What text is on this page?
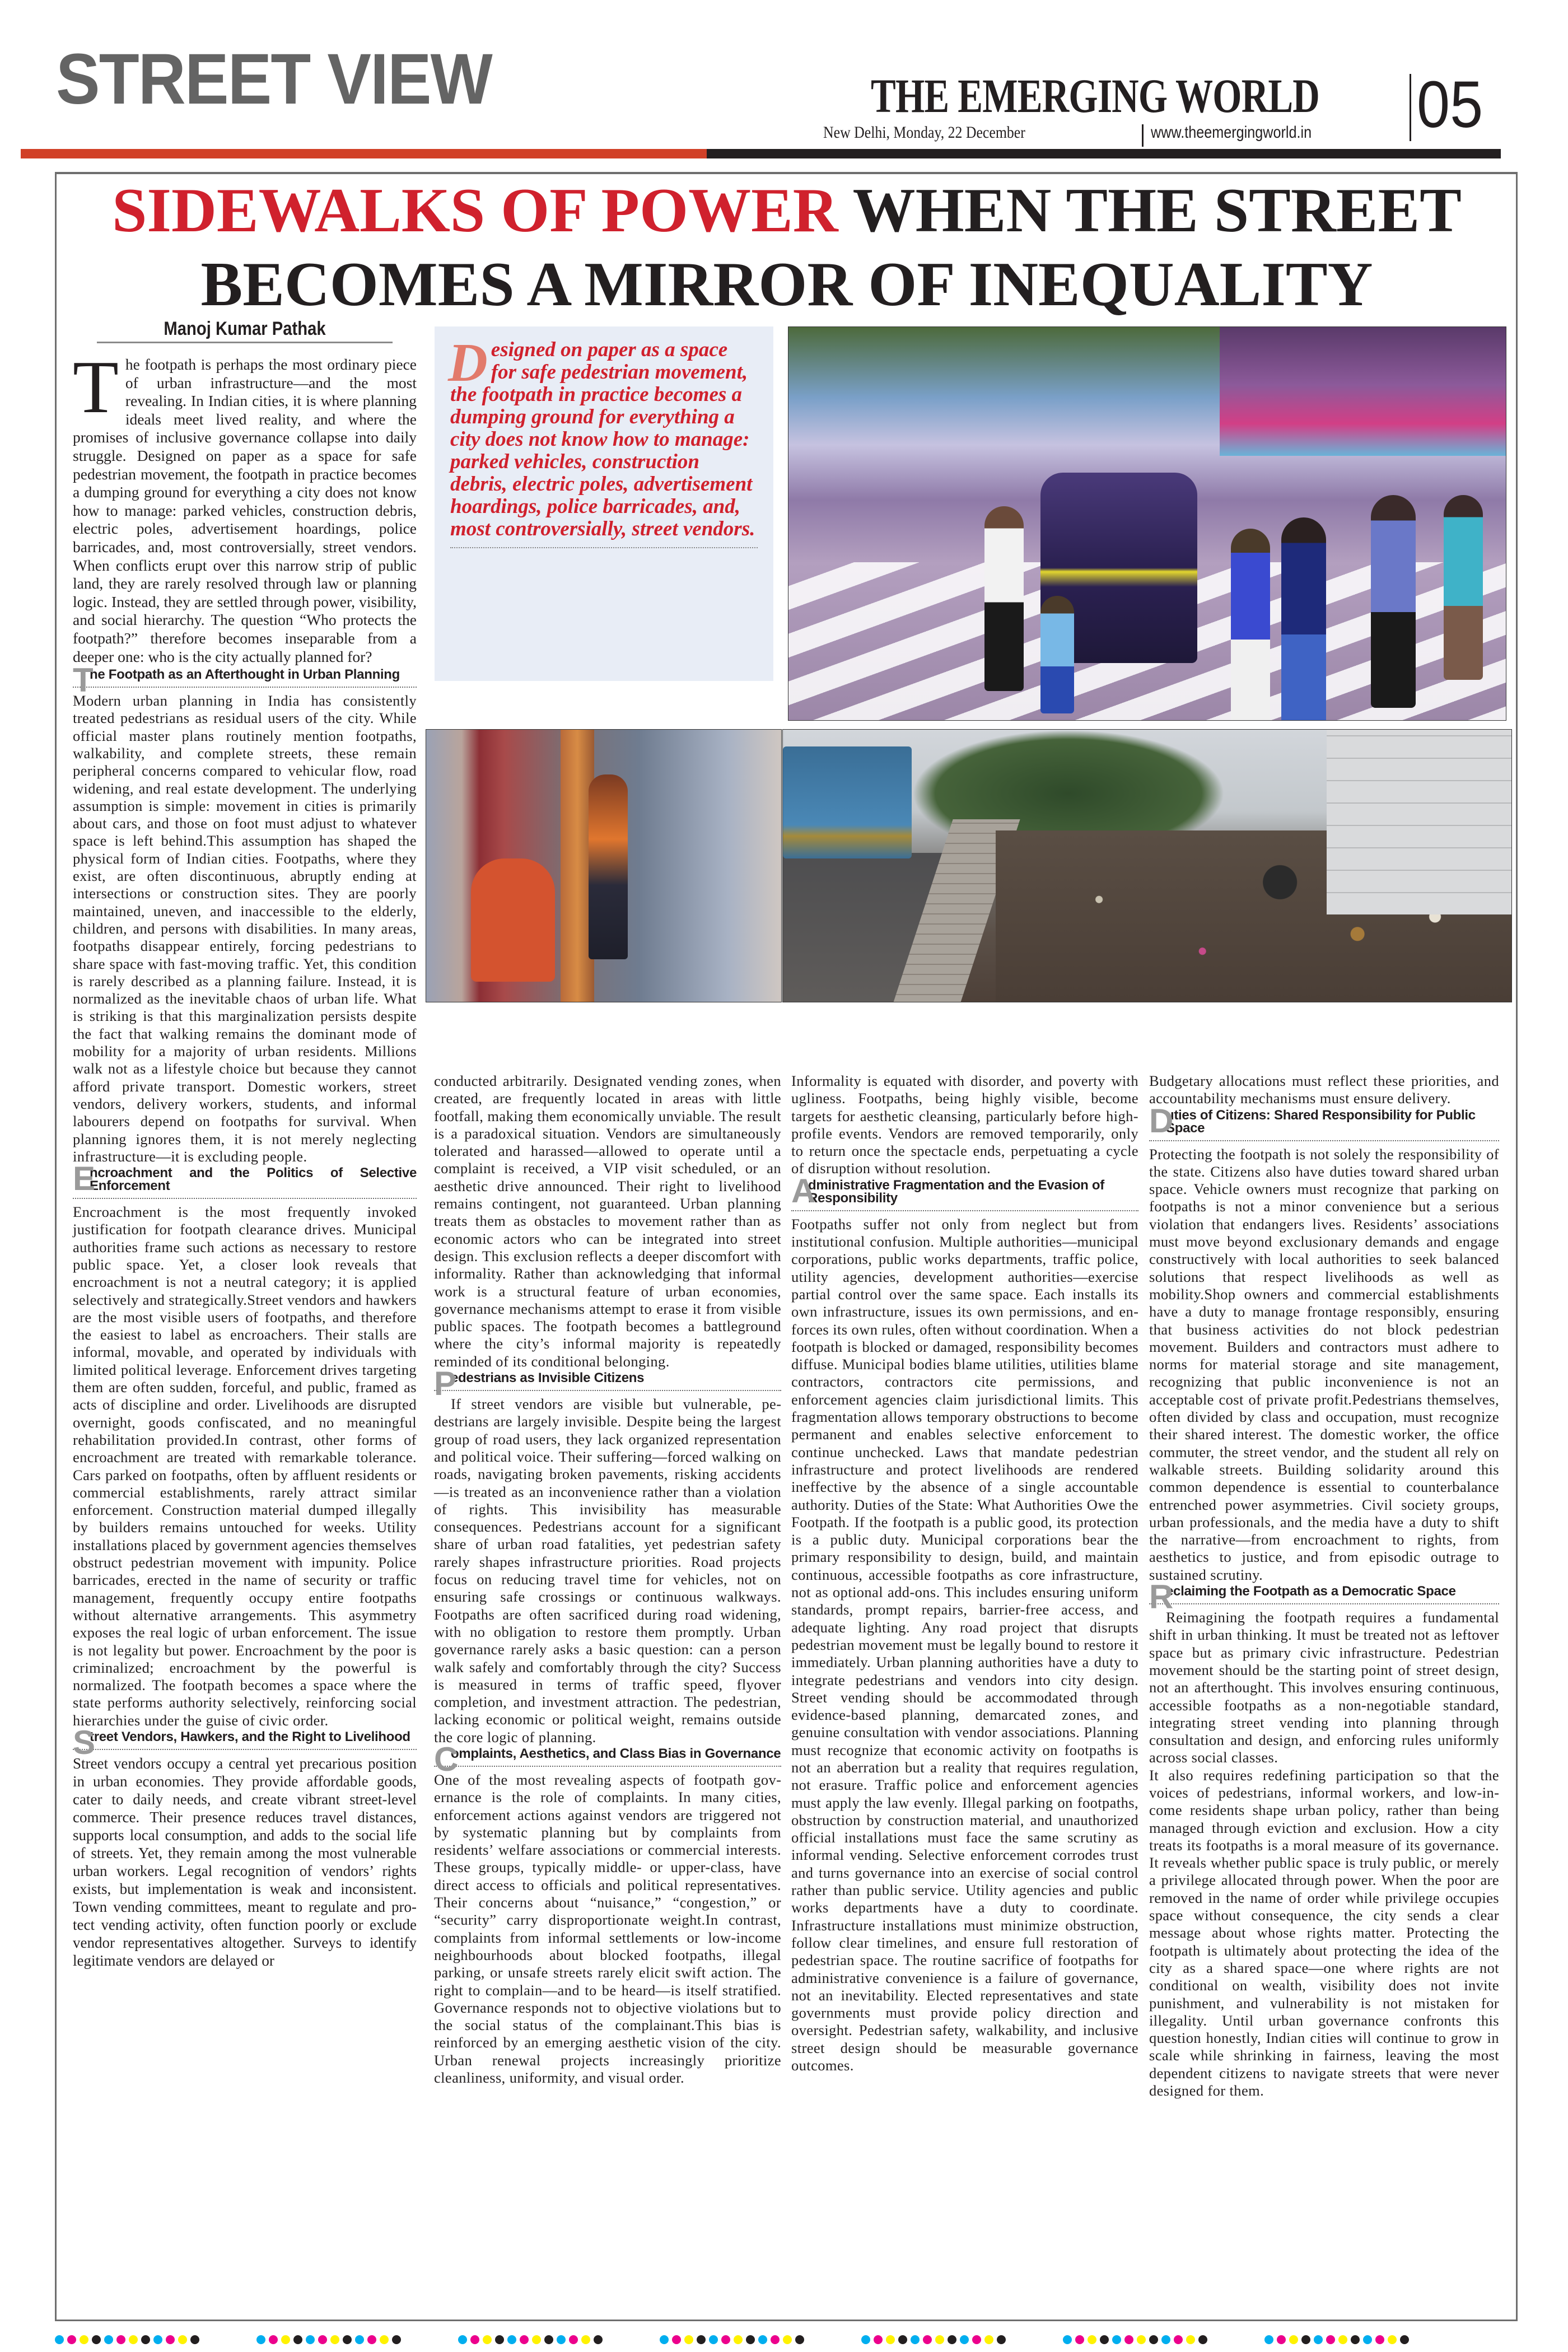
STREET VIEW	THE EMERGING WORLD
New Delhi, Monday, 22 December	www.theemergingworld.in 05
SIDEWALKS OF POWER WHEN THE STREET
BECOMES A MIRROR OF INEQUALITY
Manoj Kumar Pathak

The footpath is perhaps the most ordinary piece of urban infrastructure—and the most revealing. In Indian cities, it is where planning ideals meet lived reality, and where the promises of inclusive governance collapse into daily struggle. Designed on paper as a space for safe pedestrian movement, the footpath in practice becomes a dumping ground for everything a city does not know how to manage: parked vehicles, construction debris, electric poles, advertisement hoardings, police barricades, and, most controversially, street vendors. When conflicts erupt over this narrow strip of public land, they are rarely resolved through law or planning logic. Instead, they are settled through power, visibility, and social hierarchy. The question “Who protects the footpath?” therefore becomes inseparable from a deeper one: who is the city actually planned for?

T
he Footpath as an Afterthought in Urban Planning

Modern urban planning in India has consistently treated pedestrians as residual users of the city. While official master plans routinely mention footpaths, walkability, and complete streets, these remain peripheral concerns compared to vehicular flow, road widening, and real estate development. The underlying assumption is simple: movement in cities is primarily about cars, and those on foot must adjust to whatever space is left behind.This assumption has shaped the physical form of Indian cities. Footpaths, where they exist, are often discontinuous, abruptly ending at intersections or construction sites. They are poorly maintained, uneven, and inaccessible to the elderly, children, and persons with disabilities. In many areas, footpaths disappear entirely, forcing pedestrians to share space with fast-moving traffic. Yet, this condition is rarely described as a planning failure. Instead, it is normalized as the inevitable chaos of urban life. What is striking is that this marginalization persists despite the fact that walking remains the dominant mode of mobility for a majority of urban residents. Millions walk not as a lifestyle choice but because they cannot afford private transport. Domestic workers, street vendors, delivery workers, students, and informal labourers depend on footpaths for survival. When planning ignores them, it is not merely neglecting infrastructure—it is excluding people.

E
ncroachment and the Politics of Selective Enforcement

Encroachment is the most frequently invoked justification for footpath clearance drives. Municipal authorities frame such actions as necessary to restore public space. Yet, a closer look reveals that encroachment is not a neutral category; it is applied selectively and strategically.Street vendors and hawkers are the most visible users of footpaths, and therefore the easiest to label as encroachers. Their stalls are informal, movable, and operated by individuals with limited political leverage. Enforcement drives targeting them are often sudden, forceful, and public, framed as acts of discipline and order. Livelihoods are disrupted overnight, goods confiscated, and no meaningful rehabilitation provided.In contrast, other forms of encroachment are treated with remarkable tolerance. Cars parked on footpaths, often by affluent residents or commercial establishments, rarely attract similar enforcement. Construction material dumped illegally by builders remains untouched for weeks. Utility installations placed by government agencies themselves obstruct pedestrian movement with impunity. Police barricades, erected in the name of security or traffic management, frequently occupy entire footpaths without alternative arrangements. This asymmetry exposes the real logic of urban enforcement. The issue is not legality but power. Encroachment by the poor is criminalized; encroachment by the powerful is normalized. The footpath becomes a space where the state performs authority selectively, reinforcing social hierarchies under the guise of civic order.

S
treet Vendors, Hawkers, and the Right to Livelihood

Street vendors occupy a central yet precarious position in urban economies. They provide affordable goods, cater to daily needs, and create vibrant street-level commerce. Their presence reduces travel distances, supports local consumption, and adds to the social life of streets. Yet, they remain among the most vulnerable urban workers. Legal recognition of vendors’ rights exists, but implementation is weak and inconsistent. Town vending committees, meant to regulate and protect vending activity, often function poorly or exclude vendor representatives altogether. Surveys to identify legitimate vendors are delayed or

Designed on paper as a space for safe pedestrian movement, the footpath in practice becomes a dumping ground for everything a city does not know how to manage: parked vehicles, construction debris, electric poles, advertisement hoardings, police barricades, and, most controversially, street vendors.

conducted arbitrarily. Designated vending zones, when created, are frequently located in areas with little footfall, making them economically unviable. The result is a paradoxical situation. Vendors are simultaneously tolerated and harassed—allowed to operate until a complaint is received, a VIP visit scheduled, or an aesthetic drive announced. Their right to livelihood remains contingent, not guaranteed. Urban planning treats them as obstacles to movement rather than as economic actors who can be integrated into street design. This exclusion reflects a deeper discomfort with informality. Rather than acknowledging that informal work is a structural feature of urban economies, governance mechanisms attempt to erase it from visible public spaces. The footpath becomes a battleground where the city’s informal majority is repeatedly reminded of its conditional belonging.

P
edestrians as Invisible Citizens

If street vendors are visible but vulnerable, pedestrians are largely invisible. Despite being the largest group of road users, they lack organized representation and political voice. Their suffering—forced walking on roads, navigating broken pavements, risking accidents—is treated as an inconvenience rather than a violation of rights. This invisibility has measurable consequences. Pedestrians account for a significant share of urban road fatalities, yet pedestrian safety rarely shapes infrastructure priorities. Road projects focus on reducing travel time for vehicles, not on ensuring safe crossings or continuous walkways. Footpaths are often sacrificed during road widening, with no obligation to restore them promptly. Urban governance rarely asks a basic question: can a person walk safely and comfortably through the city? Success is measured in terms of traffic speed, flyover completion, and investment attraction. The pedestrian, lacking economic or political weight, remains outside the core logic of planning.

C
omplaints, Aesthetics, and Class Bias in Governance

One of the most revealing aspects of footpath governance is the role of complaints. In many cities, enforcement actions against vendors are triggered not by systematic planning but by complaints from residents’ welfare associations or commercial interests. These groups, typically middle- or upper-class, have direct access to officials and political representatives. Their concerns about “nuisance,” “congestion,” or “security” carry disproportionate weight.In contrast, complaints from informal settlements or low-income neighbourhoods about blocked footpaths, illegal parking, or unsafe streets rarely elicit swift action. The right to complain—and to be heard—is itself stratified. Governance responds not to objective violations but to the social status of the complainant.This bias is reinforced by an emerging aesthetic vision of the city. Urban renewal projects increasingly prioritize cleanliness, uniformity, and visual order.

Informality is equated with disorder, and poverty with ugliness. Footpaths, being highly visible, become targets for aesthetic cleansing, particularly before high-profile events. Vendors are removed temporarily, only to return once the spectacle ends, perpetuating a cycle of disruption without resolution.

A
dministrative Fragmentation and the Evasion of Responsibility

Footpaths suffer not only from neglect but from institutional confusion. Multiple authorities—municipal corporations, public works departments, traffic police, utility agencies, development authorities—exercise partial control over the same space. Each installs its own infrastructure, issues its own permissions, and enforces its own rules, often without coordination. When a footpath is blocked or damaged, responsibility becomes diffuse. Municipal bodies blame utilities, utilities blame contractors, contractors cite permissions, and enforcement agencies claim jurisdictional limits. This fragmentation allows temporary obstructions to become permanent and enables selective enforcement to continue unchecked. Laws that mandate pedestrian infrastructure and protect livelihoods are rendered ineffective by the absence of a single accountable authority. Duties of the State: What Authorities Owe the Footpath. If the footpath is a public good, its protection is a public duty. Municipal corporations bear the primary responsibility to design, build, and maintain continuous, accessible footpaths as core infrastructure, not as optional add-ons. This includes ensuring uniform standards, prompt repairs, barrier-free access, and adequate lighting. Any road project that disrupts pedestrian movement must be legally bound to restore it immediately. Urban planning authorities have a duty to integrate pedestrians and vendors into city design. Street vending should be accommodated through evidence-based planning, demarcated zones, and genuine consultation with vendor associations. Planning must recognize that economic activity on footpaths is not an aberration but a reality that requires regulation, not erasure. Traffic police and enforcement agencies must apply the law evenly. Illegal parking on footpaths, obstruction by construction material, and unauthorized official installations must face the same scrutiny as informal vending. Selective enforcement corrodes trust and turns governance into an exercise of social control rather than public service. Utility agencies and public works departments have a duty to coordinate. Infrastructure installations must minimize obstruction, follow clear timelines, and ensure full restoration of pedestrian space. The routine sacrifice of footpaths for administrative convenience is a failure of governance, not an inevitability. Elected representatives and state governments must provide policy direction and oversight. Pedestrian safety, walkability, and inclusive street design should be measurable governance outcomes.

Budgetary allocations must reflect these priorities, and accountability mechanisms must ensure delivery.

D
uties of Citizens: Shared Responsibility for Public Space

Protecting the footpath is not solely the responsibility of the state. Citizens also have duties toward shared urban space. Vehicle owners must recognize that parking on footpaths is not a minor convenience but a serious violation that endangers lives. Residents’ associations must move beyond exclusionary demands and engage constructively with local authorities to seek balanced solutions that respect livelihoods as well as mobility.Shop owners and commercial establishments have a duty to manage frontage responsibly, ensuring that business activities do not block pedestrian movement. Builders and contractors must adhere to norms for material storage and site management, recognizing that public inconvenience is not an acceptable cost of private profit.Pedestrians themselves, often divided by class and occupation, must recognize their shared interest. The domestic worker, the office commuter, the street vendor, and the student all rely on walkable streets. Building solidarity around this common dependence is essential to counterbalance entrenched power asymmetries. Civil society groups, urban professionals, and the media have a duty to shift the narrative—from encroachment to rights, from aesthetics to justice, and from episodic outrage to sustained scrutiny.

R
eclaiming the Footpath as a Democratic Space

Reimagining the footpath requires a fundamental shift in urban thinking. It must be treated not as leftover space but as primary civic infrastructure. Pedestrian movement should be the starting point of street design, not an afterthought. This involves ensuring continuous, accessible footpaths as a non-negotiable standard, integrating street vending into planning through consultation and design, and enforcing rules uniformly across social classes.

It also requires redefining participation so that the voices of pedestrians, informal workers, and low-income residents shape urban policy, rather than being managed through eviction and exclusion. How a city treats its footpaths is a moral measure of its governance. It reveals whether public space is truly public, or merely a privilege allocated through power. When the poor are removed in the name of order while privilege occupies space without consequence, the city sends a clear message about whose rights matter. Protecting the footpath is ultimately about protecting the idea of the city as a shared space—one where rights are not conditional on wealth, visibility does not invite punishment, and vulnerability is not mistaken for illegality. Until urban governance confronts this question honestly, Indian cities will continue to grow in scale while shrinking in fairness, leaving the most dependent citizens to navigate streets that were never designed for them.
